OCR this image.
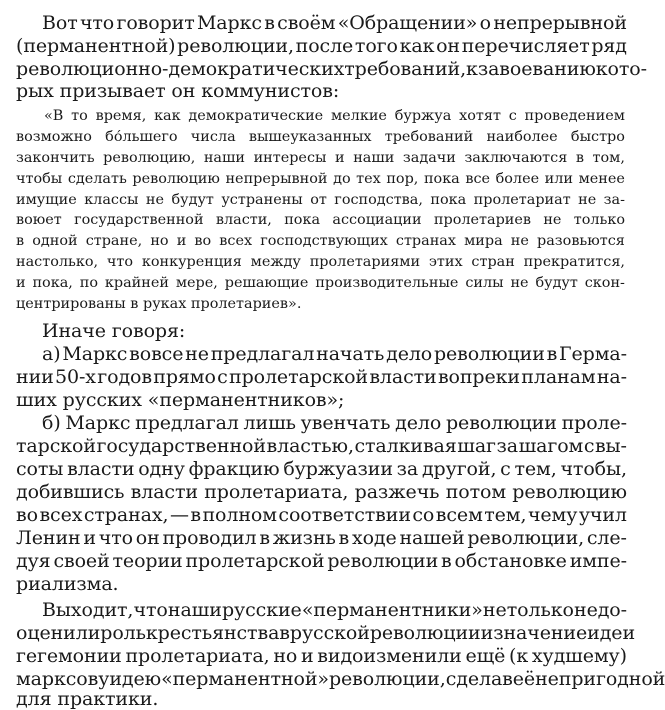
Вот что говорит Маркс в своём «Обращении» о непрерывной

(перманентной) революции, после того как он перечисляет ряд

революционно-демократических требований, к завоеванию кото-

рых призывает он коммунистов:

«В то время, как демократические мелкие буржуа хотят с проведением

возможно бо́льшего числа вышеуказанных требований наиболее быстро

закончить революцию, наши интересы и наши задачи заключаются в том,

чтобы сделать революцию непрерывной до тех пор, пока все более или менее

имущие классы не будут устранены от господства, пока пролетариат не за-

воюет государственной власти, пока ассоциации пролетариев не только

в одной стране, но и во всех господствующих странах мира не разовьются

настолько, что конкуренция между пролетариями этих стран прекратится,

и пока, по крайней мере, решающие производительные силы не будут скон-

центрированы в руках пролетариев».

Иначе говоря:

а) Маркс вовсе не предлагал начать дело революции в Герма-

нии 50-х годов прямо с пролетарской власти вопреки планам на-

ших русских «перманентников»;

б) Маркс предлагал лишь увенчать дело революции проле-

тарской государственной властью, сталкивая шаг за шагом с вы-

соты власти одну фракцию буржуазии за другой, с тем, чтобы,

добившись власти пролетариата, разжечь потом революцию

во всех странах, — в полном соответствии со всем тем, чему учил

Ленин и что он проводил в жизнь в ходе нашей революции, сле-

дуя своей теории пролетарской революции в обстановке импе-

риализма.

Выходит, что наши русские «перманентники» не только недо-

оценили роль крестьянства в русской революции и значение идеи

гегемонии пролетариата, но и видоизменили ещё (к худшему)

марксову идею «перманентной» революции, сделав её непригодной

для практики.
